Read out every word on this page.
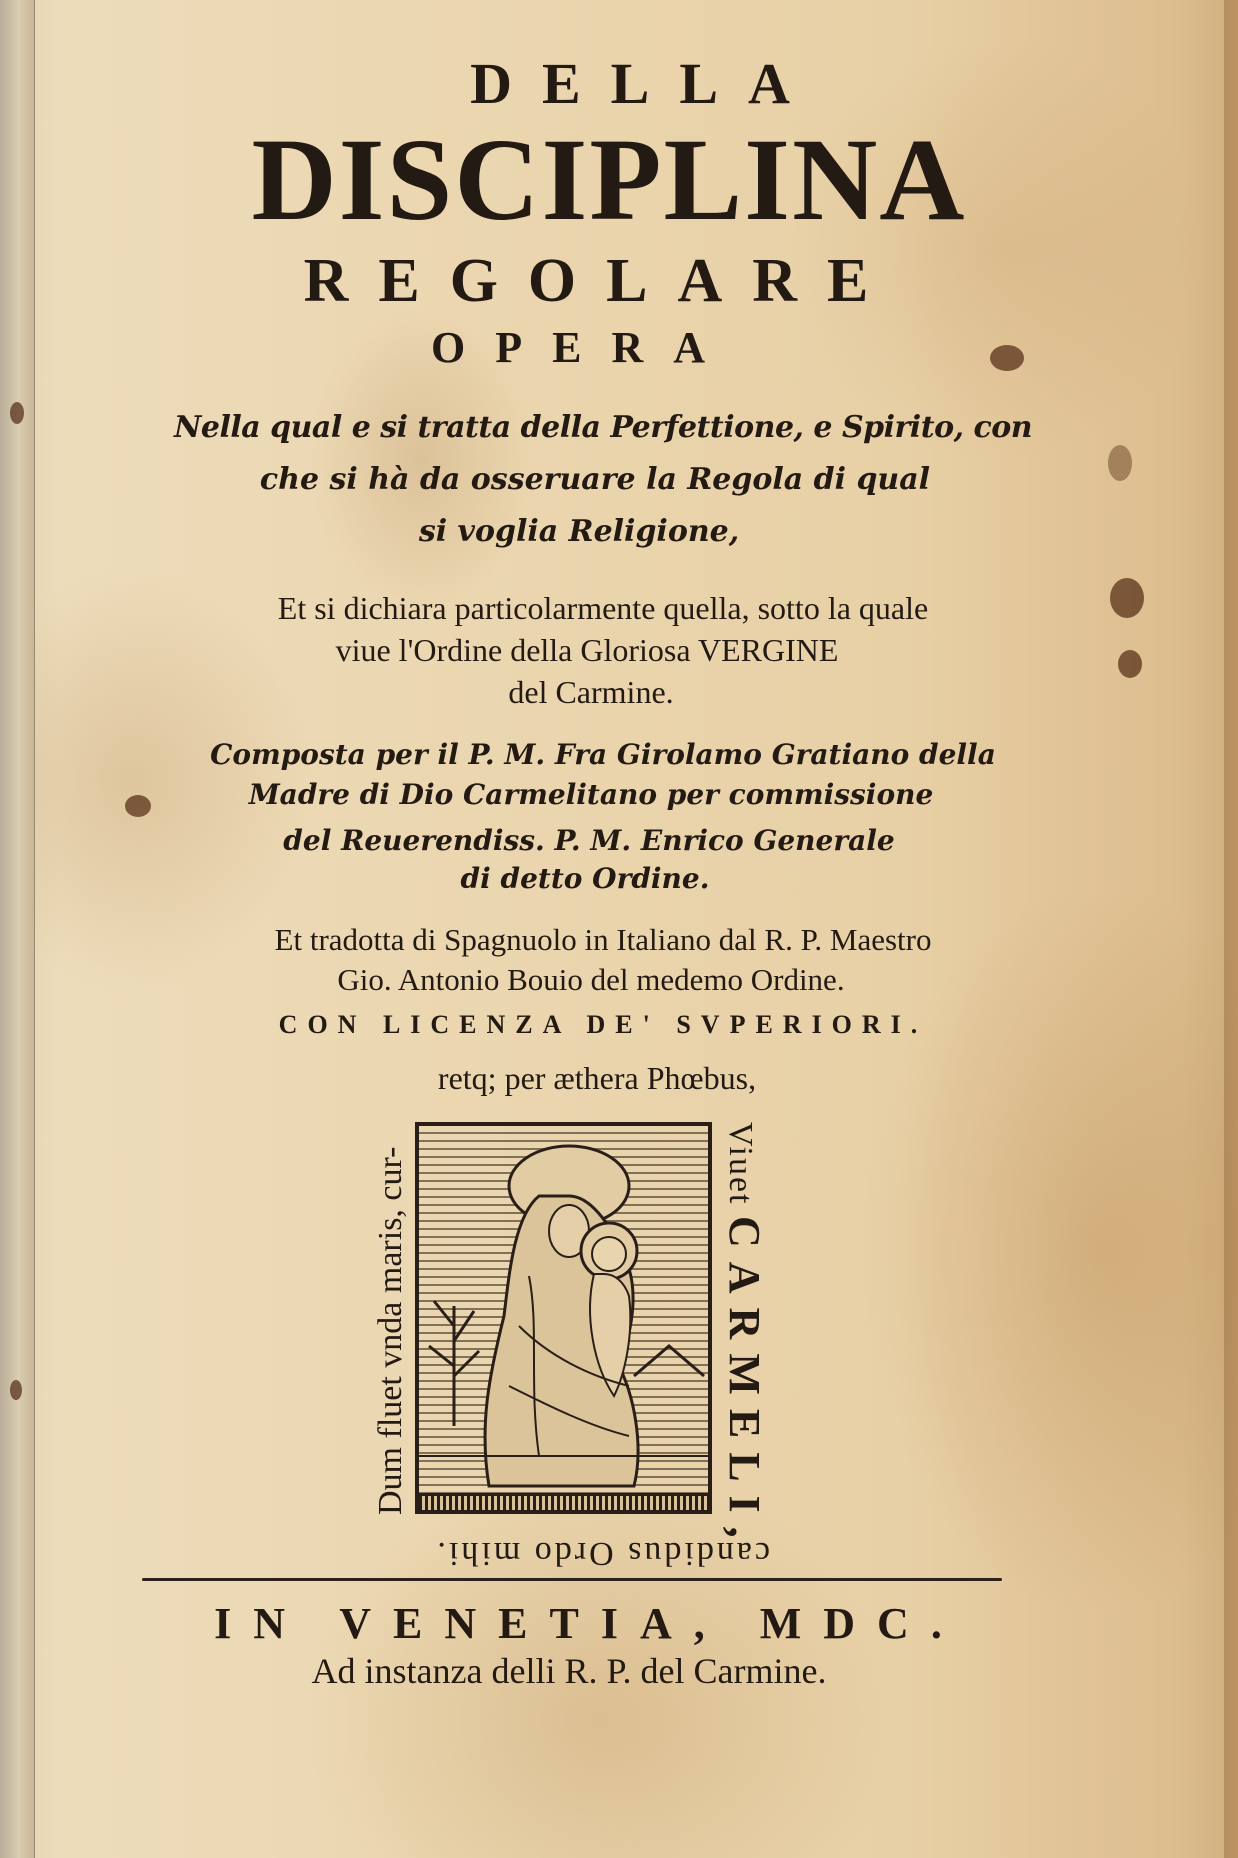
DELLA
DISCIPLINA
REGOLARE
OPERA
Nella qual e si tratta della Perfettione, e Spirito, con
che si hà da osseruare la Regola di qual
si voglia Religione,
Et si dichiara particolarmente quella, sotto la quale
viue l'Ordine della Gloriosa VERGINE
del Carmine.
Composta per il P. M. Fra Girolamo Gratiano della
Madre di Dio Carmelitano per commissione
del Reuerendiss. P. M. Enrico Generale
di detto Ordine.
Et tradotta di Spagnuolo in Italiano dal R. P. Maestro
Gio. Antonio Bouio del medemo Ordine.
CON LICENZA DE' SVPERIORI.
retq; per æthera Phœbus,
Dum fluet vnda maris, cur-	Viuet CARMELI,
candidus Ordo mihi.
IN VENETIA, MDC.
Ad instanza delli R. P. del Carmine.
